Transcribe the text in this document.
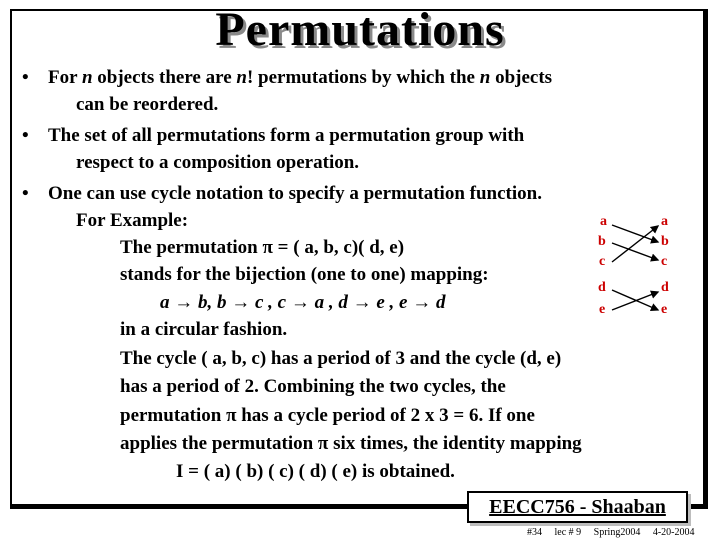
Permutations
•
•
•
For n objects there are n! permutations by which the n objects
can be reordered.
The set of all permutations form a permutation group with
respect to a composition operation.
One can use cycle notation to specify a permutation function.
For Example:
The permutation π = ( a, b, c)( d, e)
stands for the bijection (one to one) mapping:
a → b, b → c , c → a , d → e , e → d
in a circular fashion.
The cycle ( a, b, c) has a period of 3 and the cycle (d, e)
has a period of 2. Combining the two cycles, the
permutation π has a cycle period of 2 x 3 = 6. If one
applies the permutation π six times, the identity mapping
I = ( a) ( b) ( c) ( d) ( e) is obtained.
a
b
c
d
e
a
b
c
d
e
EECC756 - Shaaban
#34 lec # 9 Spring2004 4-20-2004
